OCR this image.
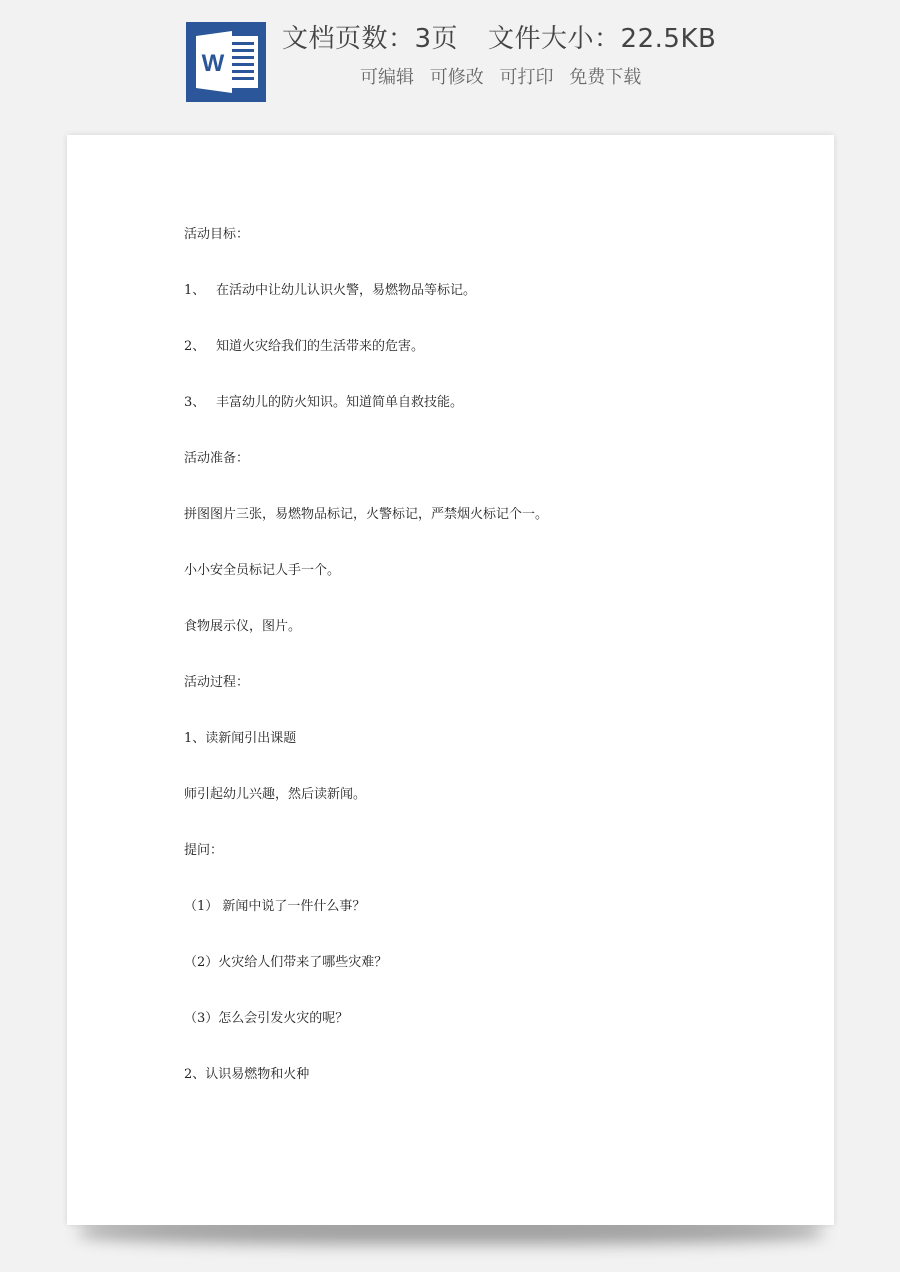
W
文档页数：3页 文件大小：22.5KB
可编辑 可修改 可打印 免费下载

活动目标：

1、 在活动中让幼儿认识火警，易燃物品等标记。

2、 知道火灾给我们的生活带来的危害。

3、 丰富幼儿的防火知识。知道简单自救技能。

活动准备：

拼图图片三张，易燃物品标记，火警标记，严禁烟火标记个一。

小小安全员标记人手一个。

食物展示仪，图片。

活动过程：

1、读新闻引出课题

师引起幼儿兴趣，然后读新闻。

提问：

（1） 新闻中说了一件什么事？

（2）火灾给人们带来了哪些灾难？

（3）怎么会引发火灾的呢？

2、认识易燃物和火种
